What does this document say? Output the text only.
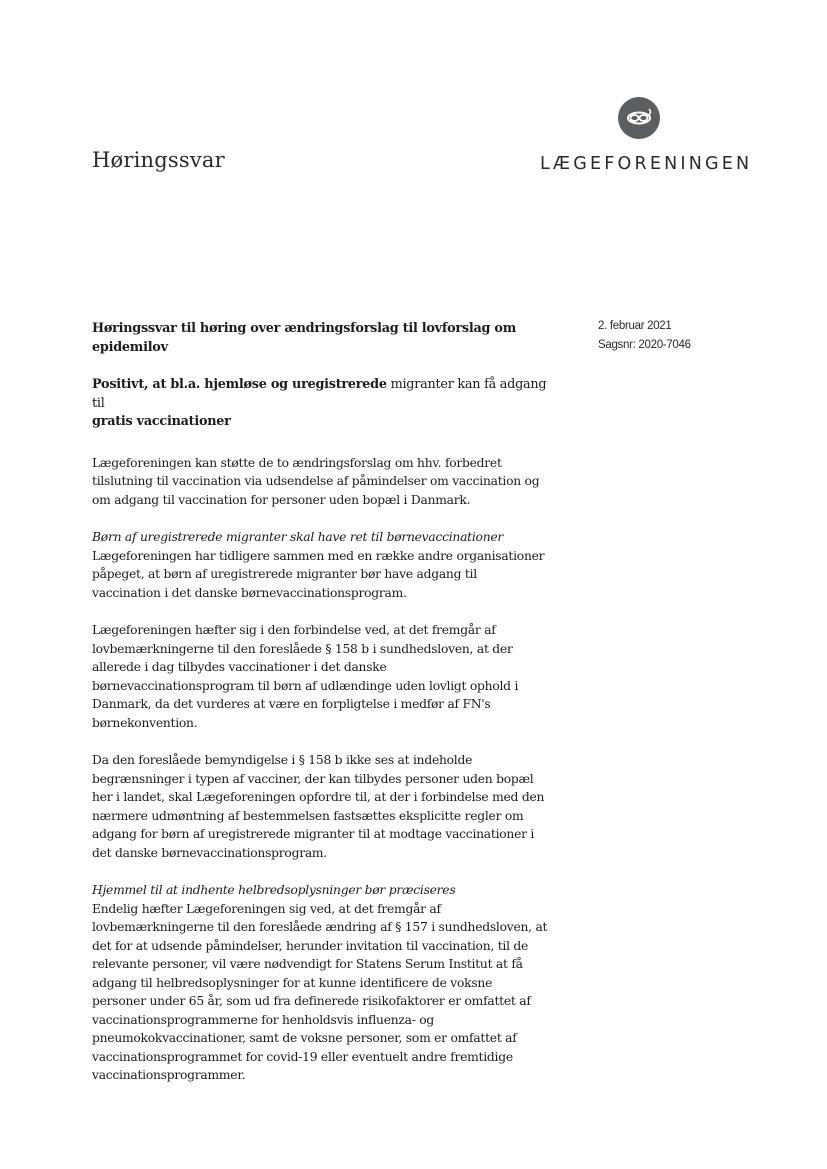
Høringssvar	LÆGEFORENINGEN
2. februar 2021
Sagsnr: 2020-7046

Høringssvar til høring over ændringsforslag til lovforslag om
epidemilov

Positivt, at bl.a. hjemløse og uregistrerede migranter kan få adgang til
gratis vaccinationer

Lægeforeningen kan støtte de to ændringsforslag om hhv. forbedret
tilslutning til vaccination via udsendelse af påmindelser om vaccination og
om adgang til vaccination for personer uden bopæl i Danmark.

Børn af uregistrerede migranter skal have ret til børnevaccinationer
Lægeforeningen har tidligere sammen med en række andre organisationer
påpeget, at børn af uregistrerede migranter bør have adgang til
vaccination i det danske børnevaccinationsprogram.

Lægeforeningen hæfter sig i den forbindelse ved, at det fremgår af
lovbemærkningerne til den foreslåede § 158 b i sundhedsloven, at der
allerede i dag tilbydes vaccinationer i det danske
børnevaccinationsprogram til børn af udlændinge uden lovligt ophold i
Danmark, da det vurderes at være en forpligtelse i medfør af FN's
børnekonvention.

Da den foreslåede bemyndigelse i § 158 b ikke ses at indeholde
begrænsninger i typen af vacciner, der kan tilbydes personer uden bopæl
her i landet, skal Lægeforeningen opfordre til, at der i forbindelse med den
nærmere udmøntning af bestemmelsen fastsættes eksplicitte regler om
adgang for børn af uregistrerede migranter til at modtage vaccinationer i
det danske børnevaccinationsprogram.

Hjemmel til at indhente helbredsoplysninger bør præciseres
Endelig hæfter Lægeforeningen sig ved, at det fremgår af
lovbemærkningerne til den foreslåede ændring af § 157 i sundhedsloven, at
det for at udsende påmindelser, herunder invitation til vaccination, til de
relevante personer, vil være nødvendigt for Statens Serum Institut at få
adgang til helbredsoplysninger for at kunne identificere de voksne
personer under 65 år, som ud fra definerede risikofaktorer er omfattet af
vaccinationsprogrammerne for henholdsvis influenza- og
pneumokokvaccinationer, samt de voksne personer, som er omfattet af
vaccinationsprogrammet for covid-19 eller eventuelt andre fremtidige
vaccinationsprogrammer.
